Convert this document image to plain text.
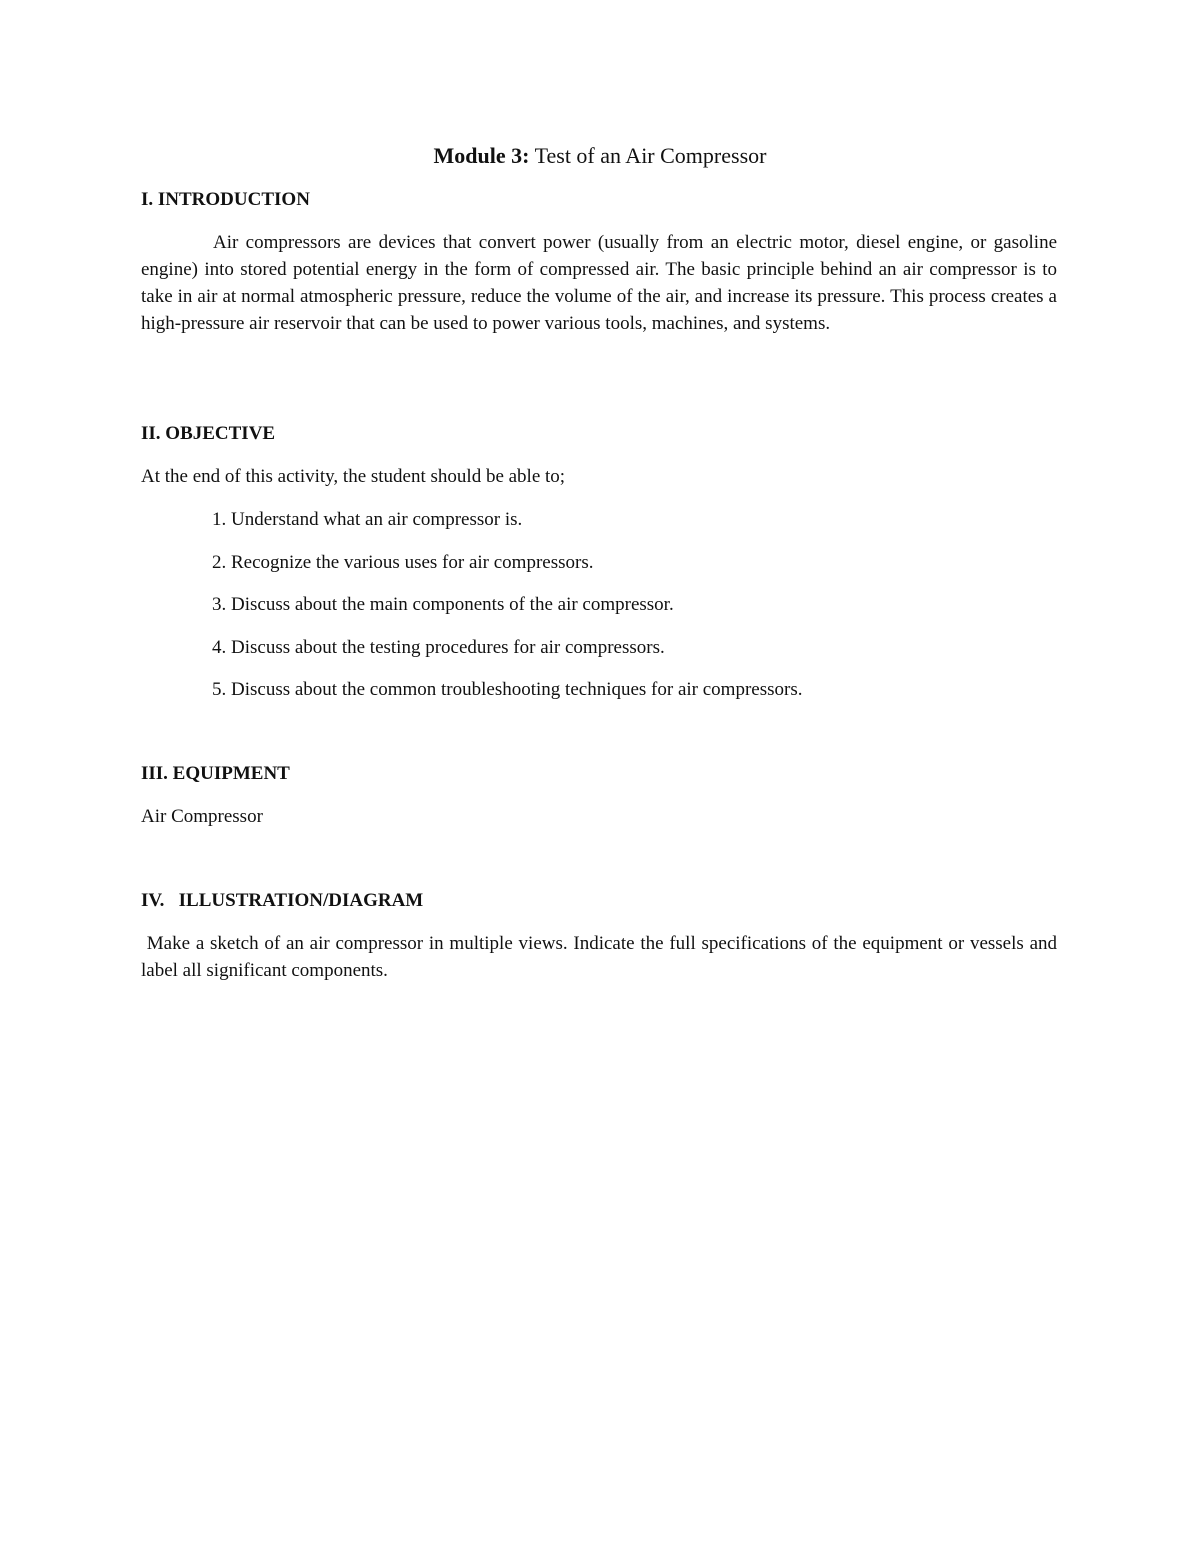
Module 3: Test of an Air Compressor
I. INTRODUCTION

Air compressors are devices that convert power (usually from an electric motor, diesel engine, or gasoline engine) into stored potential energy in the form of compressed air. The basic principle behind an air compressor is to take in air at normal atmospheric pressure, reduce the volume of the air, and increase its pressure. This process creates a high-pressure air reservoir that can be used to power various tools, machines, and systems.

II. OBJECTIVE

At the end of this activity, the student should be able to;

1. Understand what an air compressor is.
2. Recognize the various uses for air compressors.
3. Discuss about the main components of the air compressor.
4. Discuss about the testing procedures for air compressors.
5. Discuss about the common troubleshooting techniques for air compressors.
III. EQUIPMENT

Air Compressor

IV.   ILLUSTRATION/DIAGRAM

Make a sketch of an air compressor in multiple views. Indicate the full specifications of the equipment or vessels and label all significant components.
